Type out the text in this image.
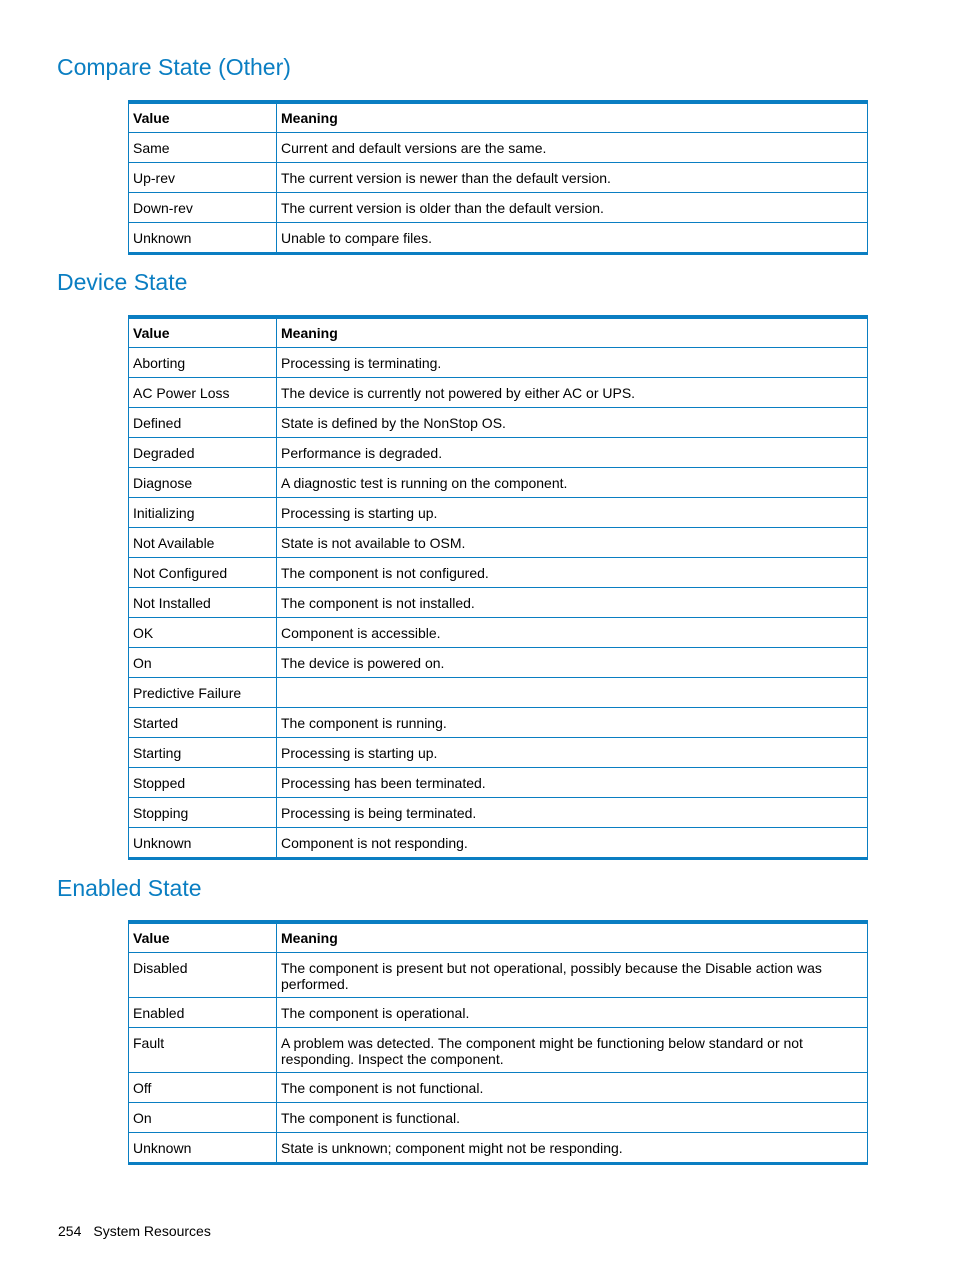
Compare State (Other)
Value	Meaning
Same	Current and default versions are the same.
Up-rev	The current version is newer than the default version.
Down-rev	The current version is older than the default version.
Unknown	Unable to compare files.
Device State
Value	Meaning
Aborting	Processing is terminating.
AC Power Loss	The device is currently not powered by either AC or UPS.
Defined	State is defined by the NonStop OS.
Degraded	Performance is degraded.
Diagnose	A diagnostic test is running on the component.
Initializing	Processing is starting up.
Not Available	State is not available to OSM.
Not Configured	The component is not configured.
Not Installed	The component is not installed.
OK	Component is accessible.
On	The device is powered on.
Predictive Failure	
Started	The component is running.
Starting	Processing is starting up.
Stopped	Processing has been terminated.
Stopping	Processing is being terminated.
Unknown	Component is not responding.
Enabled State
Value	Meaning
Disabled	The component is present but not operational, possibly because the Disable action was performed.
Enabled	The component is operational.
Fault	A problem was detected. The component might be functioning below standard or not responding. Inspect the component.
Off	The component is not functional.
On	The component is functional.
Unknown	State is unknown; component might not be responding.
254 System Resources
